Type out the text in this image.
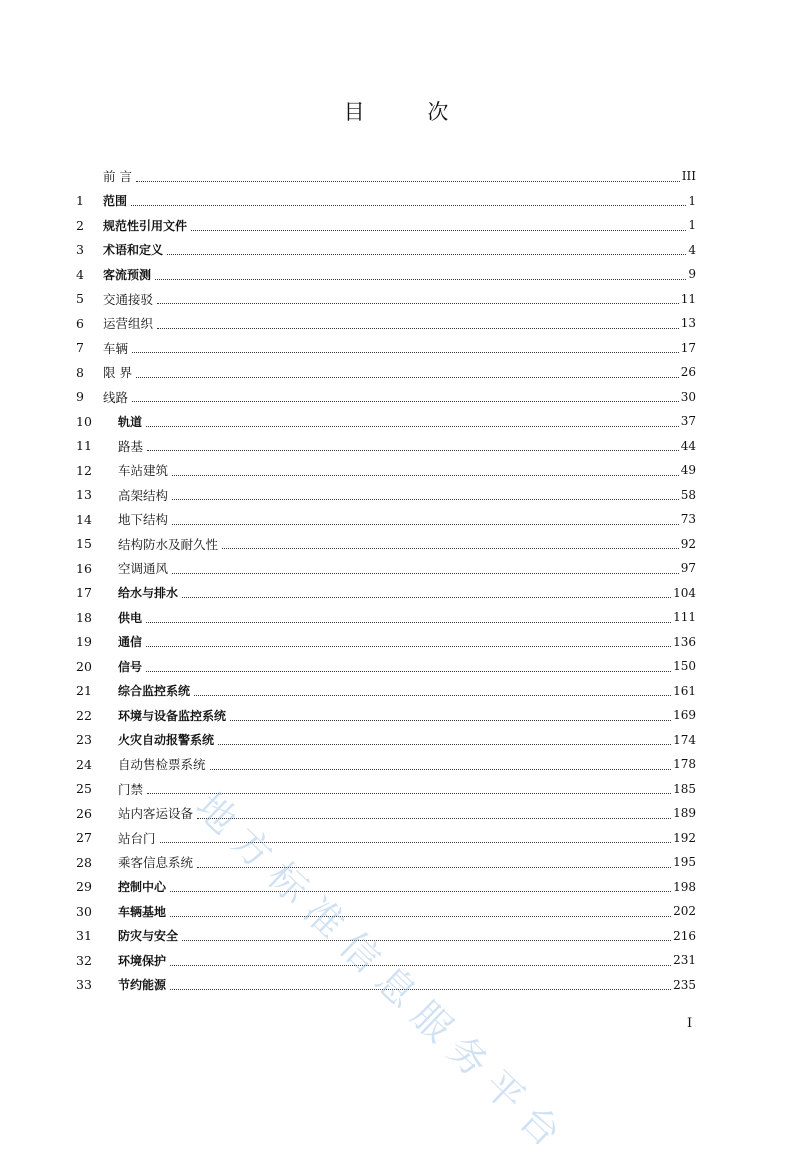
目 次
前 言	III
1	范围	1
2	规范性引用文件	1
3	术语和定义	4
4	客流预测	9
5	交通接驳	11
6	运营组织	13
7	车辆	17
8	限 界	26
9	线路	30
10	轨道	37
11	路基	44
12	车站建筑	49
13	高架结构	58
14	地下结构	73
15	结构防水及耐久性	92
16	空调通风	97
17	给水与排水	104
18	供电	111
19	通信	136
20	信号	150
21	综合监控系统	161
22	环境与设备监控系统	169
23	火灾自动报警系统	174
24	自动售检票系统	178
25	门禁	185
26	站内客运设备	189
27	站台门	192
28	乘客信息系统	195
29	控制中心	198
30	车辆基地	202
31	防灾与安全	216
32	环境保护	231
33	节约能源	235
地方标准信息服务平台	I
